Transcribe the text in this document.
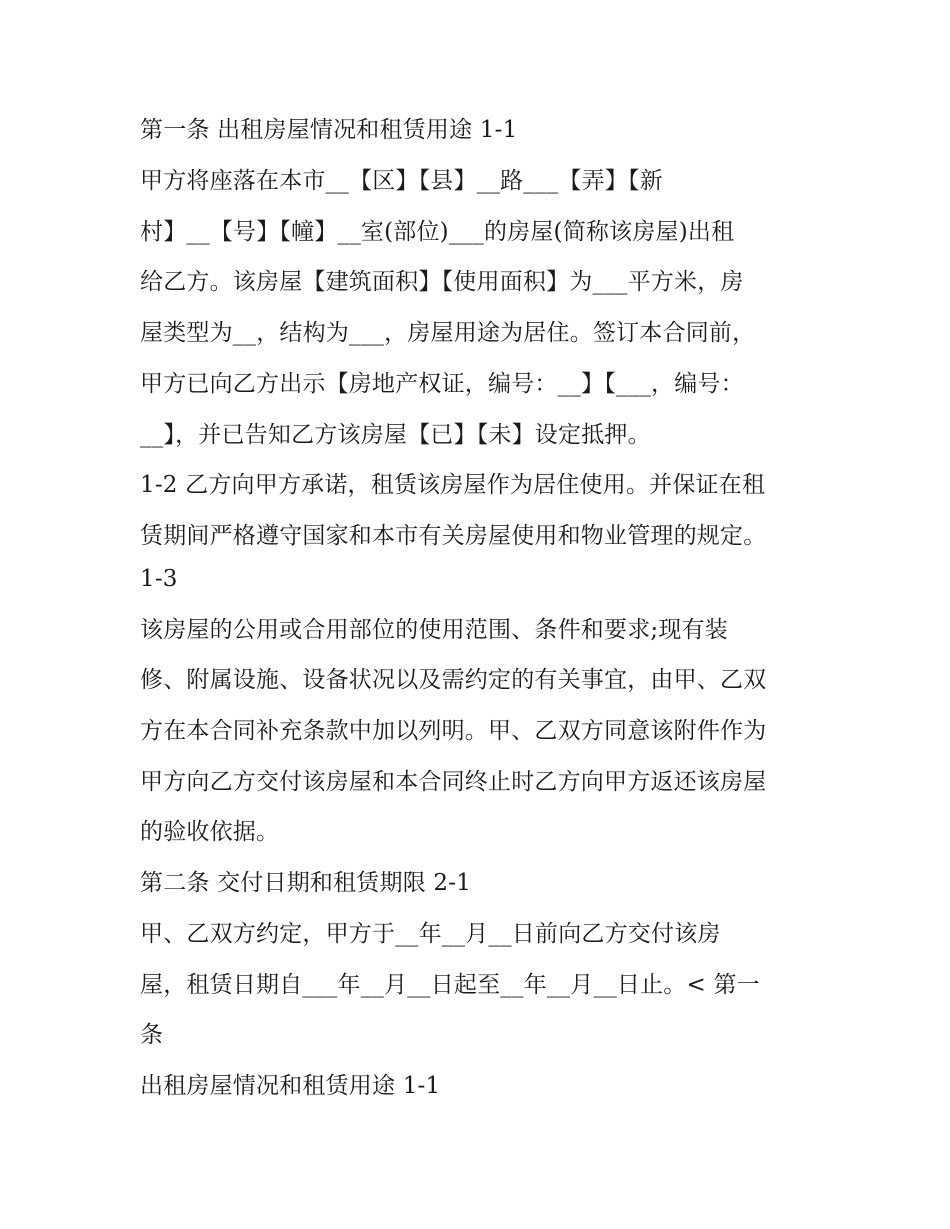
第一条 出租房屋情况和租赁用途 1-1

甲方将座落在本市__【区】【县】__路___【弄】【新

村】__【号】【幢】__室(部位)___的房屋(简称该房屋)出租

给乙方。该房屋【建筑面积】【使用面积】为___平方米，房

屋类型为__，结构为___，房屋用途为居住。签订本合同前，

甲方已向乙方出示【房地产权证，编号：__】【___，编号：

__】，并已告知乙方该房屋【已】【未】设定抵押。

1-2 乙方向甲方承诺，租赁该房屋作为居住使用。并保证在租

赁期间严格遵守国家和本市有关房屋使用和物业管理的规定。

1-3

该房屋的公用或合用部位的使用范围、条件和要求;现有装

修、附属设施、设备状况以及需约定的有关事宜，由甲、乙双

方在本合同补充条款中加以列明。甲、乙双方同意该附件作为

甲方向乙方交付该房屋和本合同终止时乙方向甲方返还该房屋

的验收依据。

第二条 交付日期和租赁期限 2-1

甲、乙双方约定，甲方于__年__月__日前向乙方交付该房

屋，租赁日期自___年__月__日起至__年__月__日止。< 第一

条

出租房屋情况和租赁用途 1-1
